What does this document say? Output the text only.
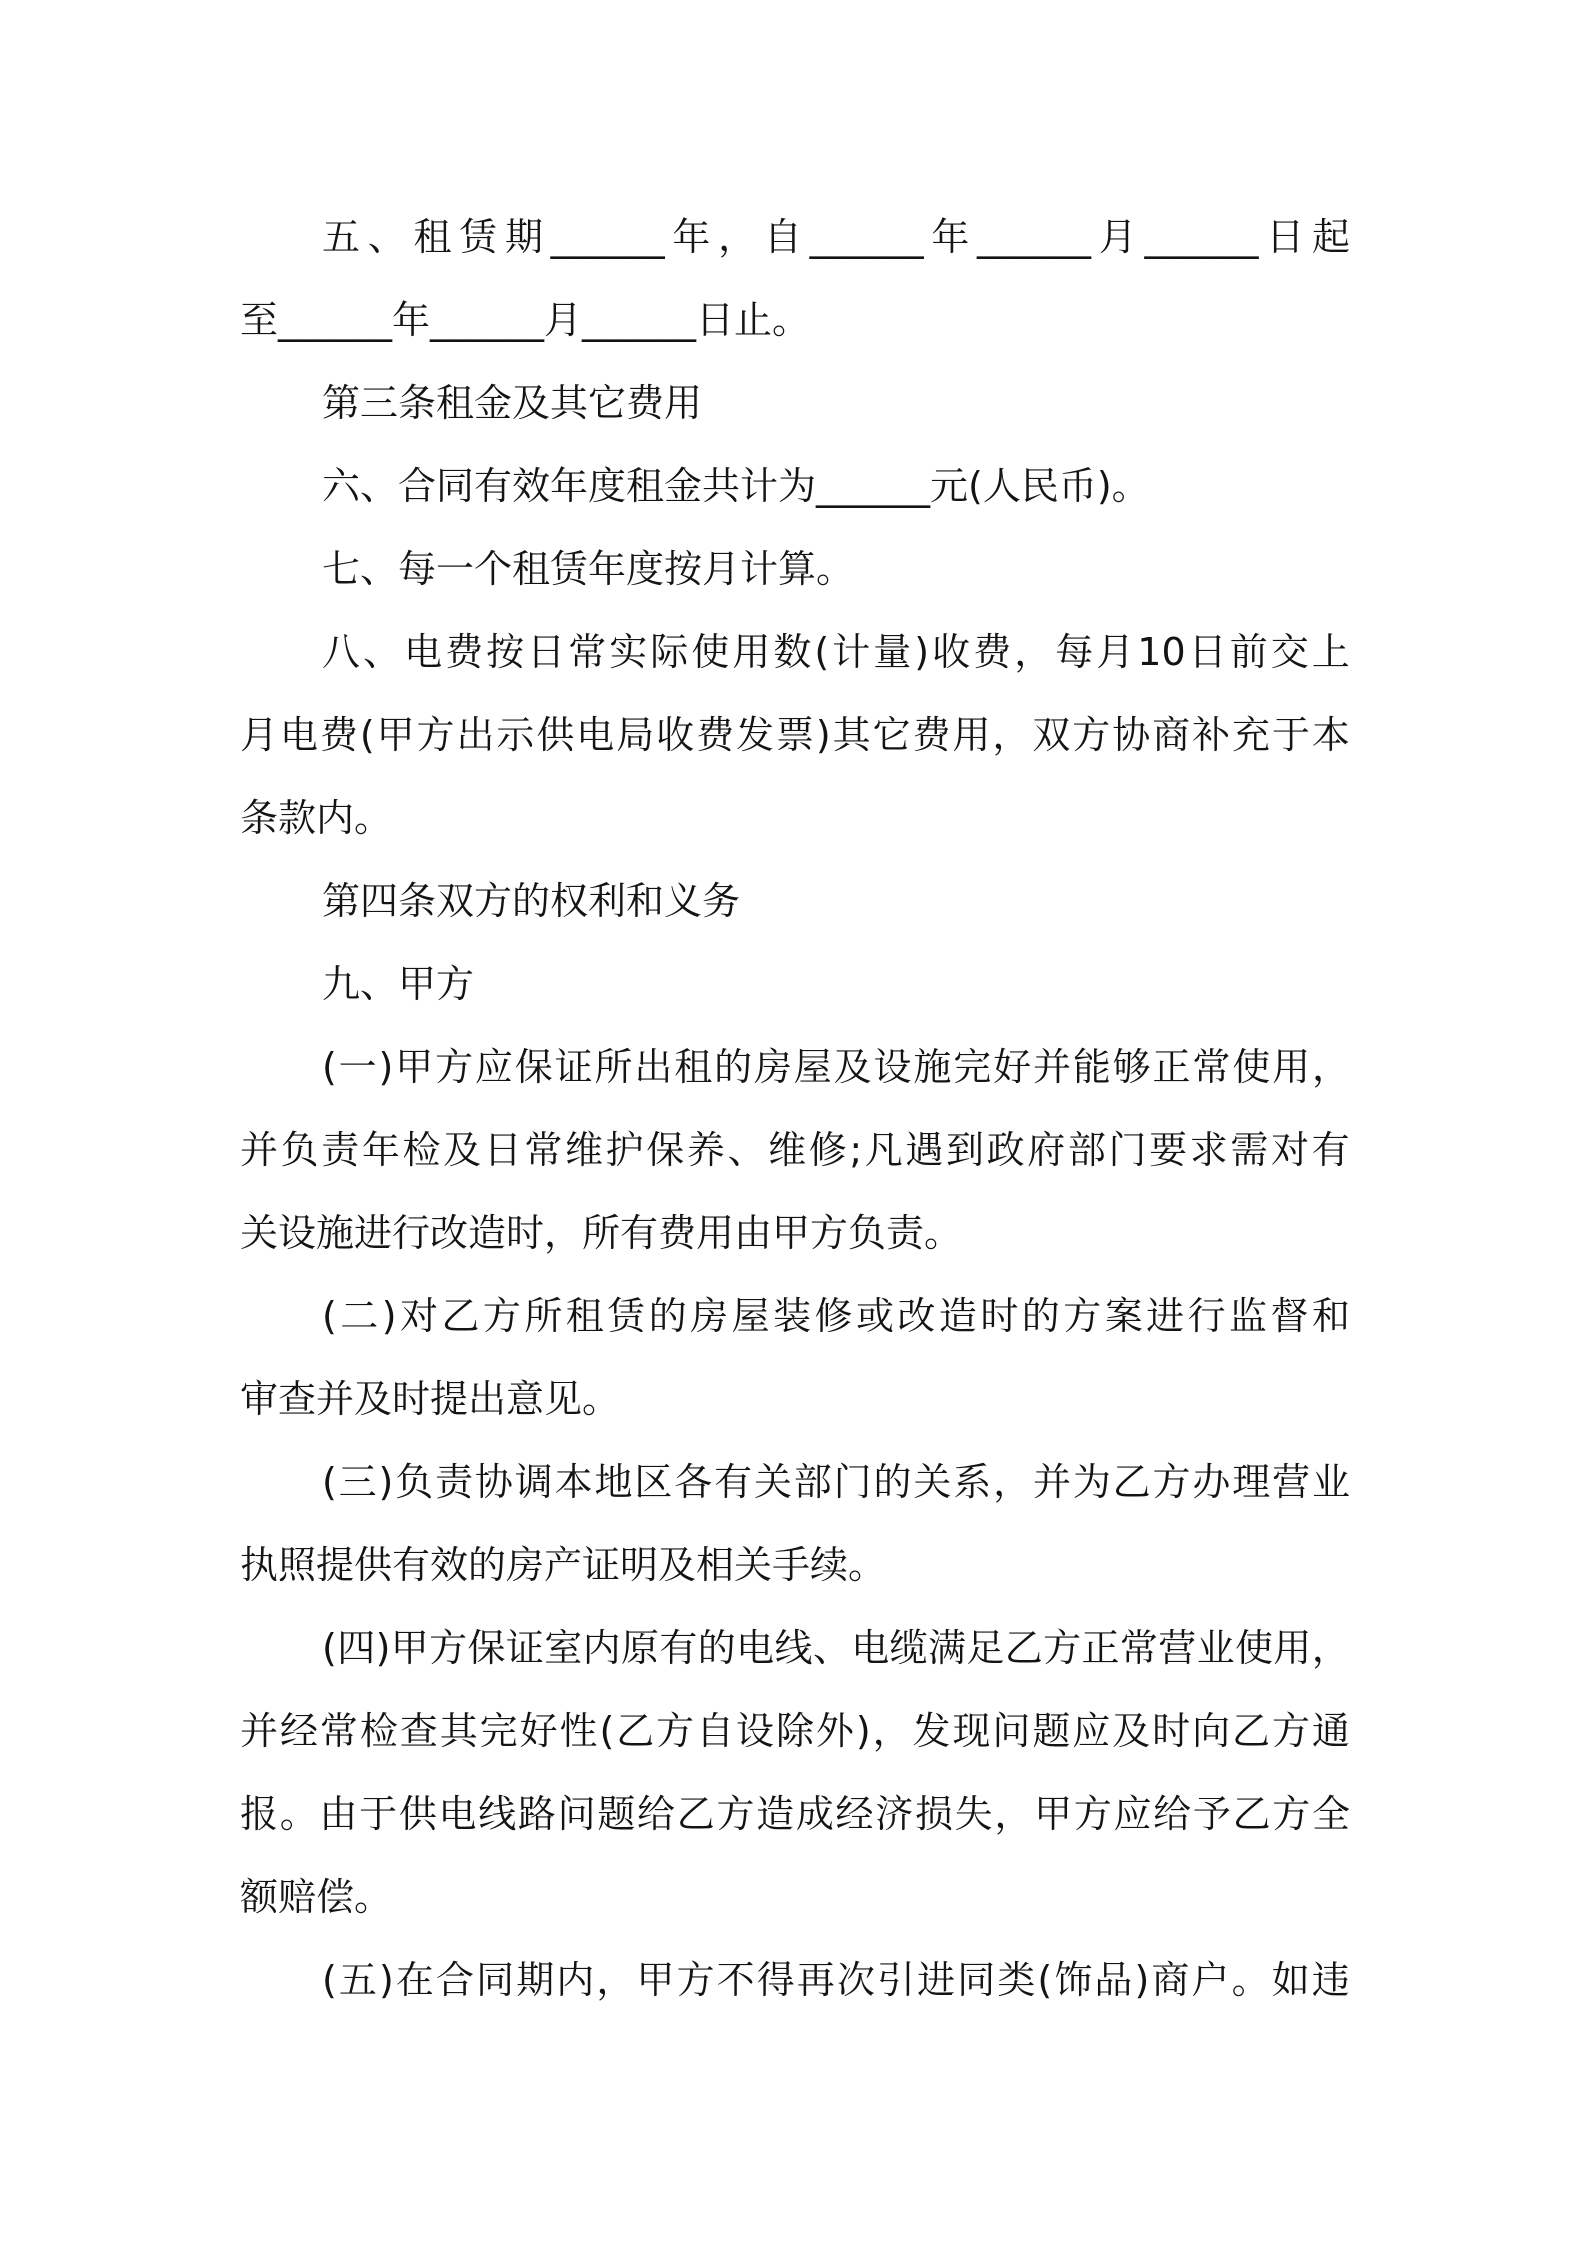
五 、 租 赁 期 ______ 年 ， 自 ______ 年 ______ 月 ______ 日 起
至______年______月______日止。
第三条租金及其它费用
六、合同有效年度租金共计为______元(人民币)。
七、每一个租赁年度按月计算。
八 、 电 费 按 日 常 实 际 使 用 数 ( 计 量 ) 收 费 ， 每 月 10 日 前 交 上
月 电 费 ( 甲 方 出 示 供 电 局 收 费 发 票 ) 其 它 费 用 ， 双 方 协 商 补 充 于 本
条款内。
第四条双方的权利和义务
九、甲方
( 一 ) 甲 方 应 保 证 所 出 租 的 房 屋 及 设 施 完 好 并 能 够 正 常 使 用 ，
并 负 责 年 检 及 日 常 维 护 保 养 、 维 修 ; 凡 遇 到 政 府 部 门 要 求 需 对 有
关设施进行改造时，所有费用由甲方负责。
( 二 ) 对 乙 方 所 租 赁 的 房 屋 装 修 或 改 造 时 的 方 案 进 行 监 督 和
审查并及时提出意见。
( 三 ) 负 责 协 调 本 地 区 各 有 关 部 门 的 关 系 ， 并 为 乙 方 办 理 营 业
执照提供有效的房产证明及相关手续。
( 四 ) 甲 方 保 证 室 内 原 有 的 电 线 、 电 缆 满 足 乙 方 正 常 营 业 使 用 ，
并 经 常 检 查 其 完 好 性 ( 乙 方 自 设 除 外 ) ， 发 现 问 题 应 及 时 向 乙 方 通
报 。 由 于 供 电 线 路 问 题 给 乙 方 造 成 经 济 损 失 ， 甲 方 应 给 予 乙 方 全
额赔偿。
( 五 ) 在 合 同 期 内 ， 甲 方 不 得 再 次 引 进 同 类 ( 饰 品 ) 商 户 。 如 违
